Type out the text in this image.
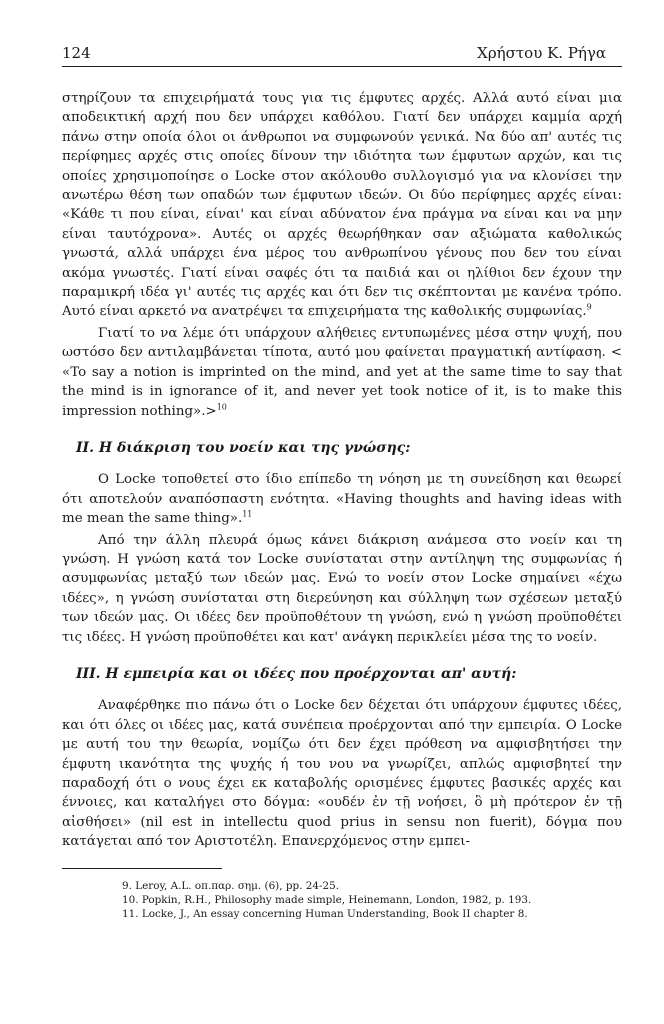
124	Χρήστου Κ. Ρήγα

στηρίζουν τα επιχειρήματά τους για τις έμφυτες αρχές. Αλλά αυτό είναι μια αποδεικτική αρχή που δεν υπάρχει καθόλου. Γιατί δεν υπάρχει καμμία αρχή πάνω στην οποία όλοι οι άνθρωποι να συμφωνούν γενικά. Να δύο απ' αυτές τις περίφημες αρχές στις οποίες δίνουν την ιδιότητα των έμφυτων αρχών, και τις οποίες χρησιμοποίησε ο Locke στον ακόλουθο συλλογισμό για να κλονίσει την ανωτέρω θέση των οπαδών των έμφυτων ιδεών. Οι δύο περίφημες αρχές είναι: «Κάθε τι που είναι, είναι' και είναι αδύνατον ένα πράγμα να είναι και να μην είναι ταυτόχρονα». Αυτές οι αρχές θεωρήθηκαν σαν αξιώματα καθολικώς γνωστά, αλλά υπάρχει ένα μέρος του ανθρωπίνου γένους που δεν του είναι ακόμα γνωστές. Γιατί είναι σαφές ότι τα παιδιά και οι ηλίθιοι δεν έχουν την παραμικρή ιδέα γι' αυτές τις αρχές και ότι δεν τις σκέπτονται με κανένα τρόπο. Αυτό είναι αρκετό να ανατρέψει τα επιχειρήματα της καθολικής συμφωνίας.$^9$

Γιατί το να λέμε ότι υπάρχουν αλήθειες εντυπωμένες μέσα στην ψυχή, που ωστόσο δεν αντιλαμβάνεται τίποτα, αυτό μου φαίνεται πραγματική αντίφαση. < «To say a notion is imprinted on the mind, and yet at the same time to say that the mind is in ignorance of it, and never yet took notice of it, is to make this impression nothing».>$^{10}$

ΙΙ. Η διάκριση του νοείν και της γνώσης:

Ο Locke τοποθετεί στο ίδιο επίπεδο τη νόηση με τη συνείδηση και θεωρεί ότι αποτελούν αναπόσπαστη ενότητα. «Having thoughts and having ideas with me mean the same thing».$^{11}$

Από την άλλη πλευρά όμως κάνει διάκριση ανάμεσα στο νοείν και τη γνώση. Η γνώση κατά τον Locke συνίσταται στην αντίληψη της συμφωνίας ή ασυμφωνίας μεταξύ των ιδεών μας. Ενώ το νοείν στον Locke σημαίνει «έχω ιδέες», η γνώση συνίσταται στη διερεύνηση και σύλληψη των σχέσεων μεταξύ των ιδεών μας. Οι ιδέες δεν προϋποθέτουν τη γνώση, ενώ η γνώση προϋποθέτει τις ιδέες. Η γνώση προϋποθέτει και κατ' ανάγκη περικλείει μέσα της το νοείν.

ΙΙΙ. Η εμπειρία και οι ιδέες που προέρχονται απ' αυτή:

Αναφέρθηκε πιο πάνω ότι ο Locke δεν δέχεται ότι υπάρχουν έμφυτες ιδέες, και ότι όλες οι ιδέες μας, κατά συνέπεια προέρχονται από την εμπειρία. Ο Locke με αυτή του την θεωρία, νομίζω ότι δεν έχει πρόθεση να αμφισβητήσει την έμφυτη ικανότητα της ψυχής ή του νου να γνωρίζει, απλώς αμφισβητεί την παραδοχή ότι ο νους έχει εκ καταβολής ορισμένες έμφυτες βασικές αρχές και έννοιες, και καταλήγει στο δόγμα: «ουδέν ἐν τῇ νοήσει, ὃ μὴ πρότερον ἐν τῇ αἰσθήσει» (nil est in intellectu quod prius in sensu non fuerit), δόγμα που κατάγεται από τον Αριστοτέλη. Επανερχόμενος στην εμπει-

9. Leroy, A.L. οπ.παρ. σημ. (6), pp. 24-25.
10. Popkin, R.H., Philosophy made simple, Heinemann, London, 1982, p. 193.
11. Locke, J., An essay concerning Human Understanding, Book II chapter 8.
